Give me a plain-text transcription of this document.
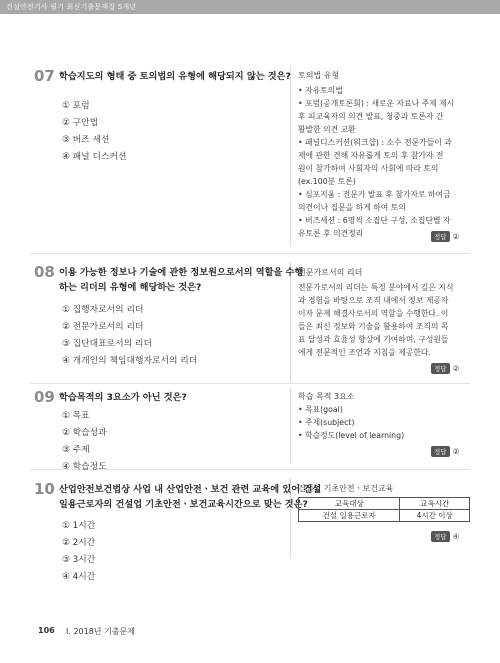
건설안전기사 필기 최신기출문제집 5개년
07 학습지도의 형태 중 토의법의 유형에 해당되지 않는 것은?
① 포럼
② 구안법
③ 버즈 세션
④ 패널 디스커션
08 이용 가능한 정보나 기술에 관한 정보원으로서의 역할을 수행
하는 리더의 유형에 해당하는 것은?
① 집행자로서의 리더
② 전문가로서의 리더
③ 집단대표로서의 리더
④ 개개인의 책임대행자로서의 리더
09 학습목적의 3요소가 아닌 것은?
① 목표
② 학습성과
③ 주제
④ 학습정도
10 산업안전보건법상 사업 내 산업안전ㆍ보건 관련 교육에 있어 건설
일용근로자의 건설업 기초안전ㆍ보건교육시간으로 맞는 것은?
① 1시간
② 2시간
③ 3시간
④ 4시간
토의법 유형
• 자유토의법
• 포럼(공개토론회) : 새로운 자료나 주제 제시
후 피교육자의 의견 발표, 청중과 토론자 간
활발한 의견 교환
• 패널디스커션(워크샵) : 소수 전문가들이 과
제에 관한 견해 자유롭게 토의 후 참가자 전
원이 참가하여 사회자의 사회에 따라 토의
(ex.100분 토론)
• 심포지움 : 전문가 발표 후 참가자로 하여금
의견이나 질문을 하게 하여 토의
• 버즈세션 : 6명씩 소집단 구성, 소집단별 자
유토론 후 의견정리	정답 ②
전문가로서의 리더
전문가로서의 리더는 특정 분야에서 깊은 지식
과 경험을 바탕으로 조직 내에서 정보 제공자
이자 문제 해결사로서의 역할을 수행한다. 이
들은 최신 정보와 기술을 활용하여 조직의 목
표 달성과 효율성 향상에 기여하며, 구성원들
에게 전문적인 조언과 지침을 제공한다.
정답 ②
학습 목적 3요소
• 목표(goal)
• 주제(subject)
• 학습정도(level of learning)
정답 ②
건설업 기초안전ㆍ보건교육
교육대상	교육시간
건설 일용근로자	4시간 이상
정답 ④
106 Ⅰ. 2018년 기출문제
